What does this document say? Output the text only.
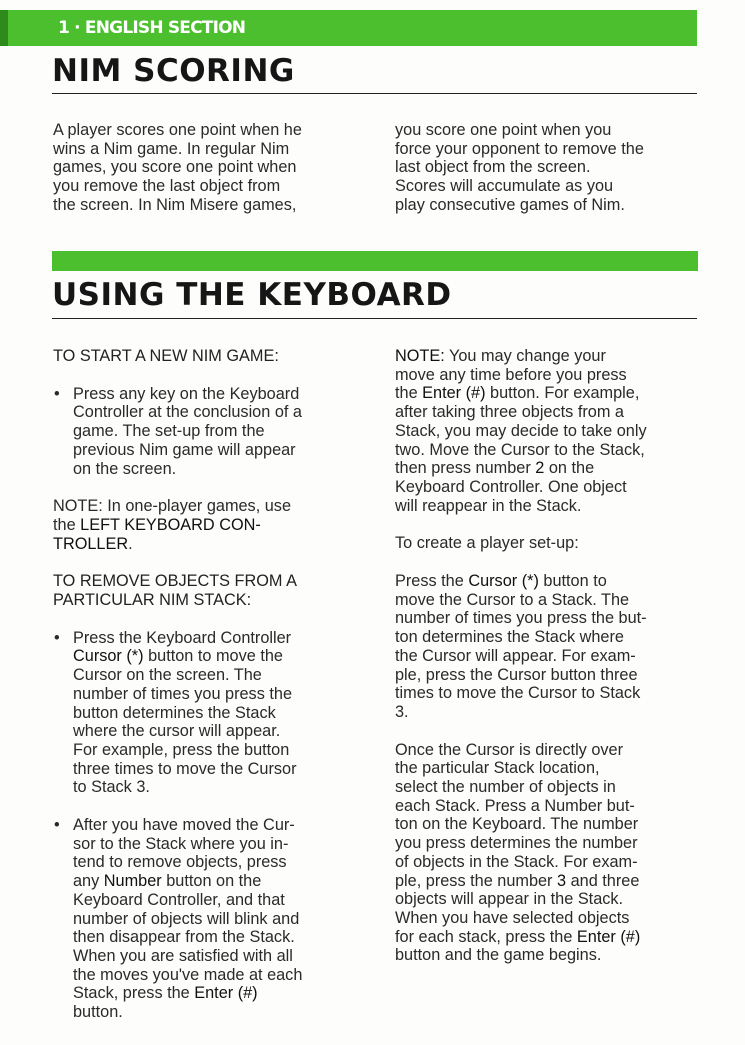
1 · ENGLISH SECTION
NIM SCORING

A player scores one point when he

wins a Nim game. In regular Nim

games, you score one point when

you remove the last object from

the screen. In Nim Misere games,

you score one point when you

force your opponent to remove the

last object from the screen.

Scores will accumulate as you

play consecutive games of Nim.

USING THE KEYBOARD

TO START A NEW NIM GAME:

• Press any key on the Keyboard

Controller at the conclusion of a

game. The set-up from the

previous Nim game will appear

on the screen.

NOTE: In one-player games, use

the LEFT KEYBOARD CON-

TROLLER.

TO REMOVE OBJECTS FROM A

PARTICULAR NIM STACK:

• Press the Keyboard Controller

Cursor (*) button to move the

Cursor on the screen. The

number of times you press the

button determines the Stack

where the cursor will appear.

For example, press the button

three times to move the Cursor

to Stack 3.

• After you have moved the Cur-

sor to the Stack where you in-

tend to remove objects, press

any Number button on the

Keyboard Controller, and that

number of objects will blink and

then disappear from the Stack.

When you are satisfied with all

the moves you've made at each

Stack, press the Enter (#)

button.

NOTE: You may change your

move any time before you press

the Enter (#) button. For example,

after taking three objects from a

Stack, you may decide to take only

two. Move the Cursor to the Stack,

then press number 2 on the

Keyboard Controller. One object

will reappear in the Stack.

To create a player set-up:

Press the Cursor (*) button to

move the Cursor to a Stack. The

number of times you press the but-

ton determines the Stack where

the Cursor will appear. For exam-

ple, press the Cursor button three

times to move the Cursor to Stack

3.

Once the Cursor is directly over

the particular Stack location,

select the number of objects in

each Stack. Press a Number but-

ton on the Keyboard. The number

you press determines the number

of objects in the Stack. For exam-

ple, press the number 3 and three

objects will appear in the Stack.

When you have selected objects

for each stack, press the Enter (#)

button and the game begins.
